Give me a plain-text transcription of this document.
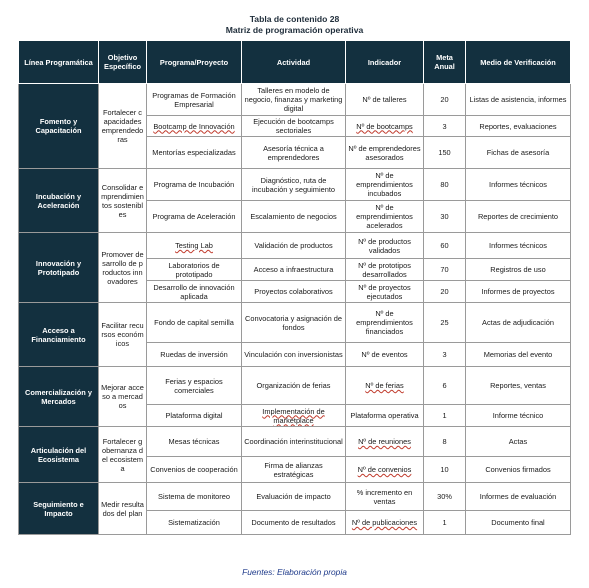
Tabla de contenido 28
Matriz de programación operativa
Línea Programática	Objetivo Específico	Programa/Proyecto	Actividad	Indicador	Meta Anual	Medio de Verificación
Fomento y Capacitación	Fortalecer capacidades emprendedoras	Programas de Formación Empresarial	Talleres en modelo de negocio, finanzas y marketing digital	Nº de talleres	20	Listas de asistencia, informes
		Bootcamp de Innovación	Ejecución de bootcamps sectoriales	Nº de bootcamps	3	Reportes, evaluaciones
		Mentorías especializadas	Asesoría técnica a emprendedores	Nº de emprendedores asesorados	150	Fichas de asesoría
Incubación y Aceleración	Consolidar emprendimientos sostenibles	Programa de Incubación	Diagnóstico, ruta de incubación y seguimiento	Nº de emprendimientos incubados	80	Informes técnicos
		Programa de Aceleración	Escalamiento de negocios	Nº de emprendimientos acelerados	30	Reportes de crecimiento
Innovación y Prototipado	Promover desarrollo de productos innovadores	Testing Lab	Validación de productos	Nº de productos validados	60	Informes técnicos
		Laboratorios de prototipado	Acceso a infraestructura	Nº de prototipos desarrollados	70	Registros de uso
		Desarrollo de innovación aplicada	Proyectos colaborativos	Nº de proyectos ejecutados	20	Informes de proyectos
Acceso a Financiamiento	Facilitar recursos económicos	Fondo de capital semilla	Convocatoria y asignación de fondos	Nº de emprendimientos financiados	25	Actas de adjudicación
		Ruedas de inversión	Vinculación con inversionistas	Nº de eventos	3	Memorias del evento
Comercialización y Mercados	Mejorar acceso a mercados	Ferias y espacios comerciales	Organización de ferias	Nº de ferias	6	Reportes, ventas
		Plataforma digital	Implementación de marketplace	Plataforma operativa	1	Informe técnico
Articulación del Ecosistema	Fortalecer gobernanza del ecosistema	Mesas técnicas	Coordinación interinstitucional	Nº de reuniones	8	Actas
		Convenios de cooperación	Firma de alianzas estratégicas	Nº de convenios	10	Convenios firmados
Seguimiento e Impacto	Medir resultados del plan	Sistema de monitoreo	Evaluación de impacto	% incremento en ventas	30%	Informes de evaluación
		Sistematización	Documento de resultados	Nº de publicaciones	1	Documento final
Fuentes: Elaboración propia
